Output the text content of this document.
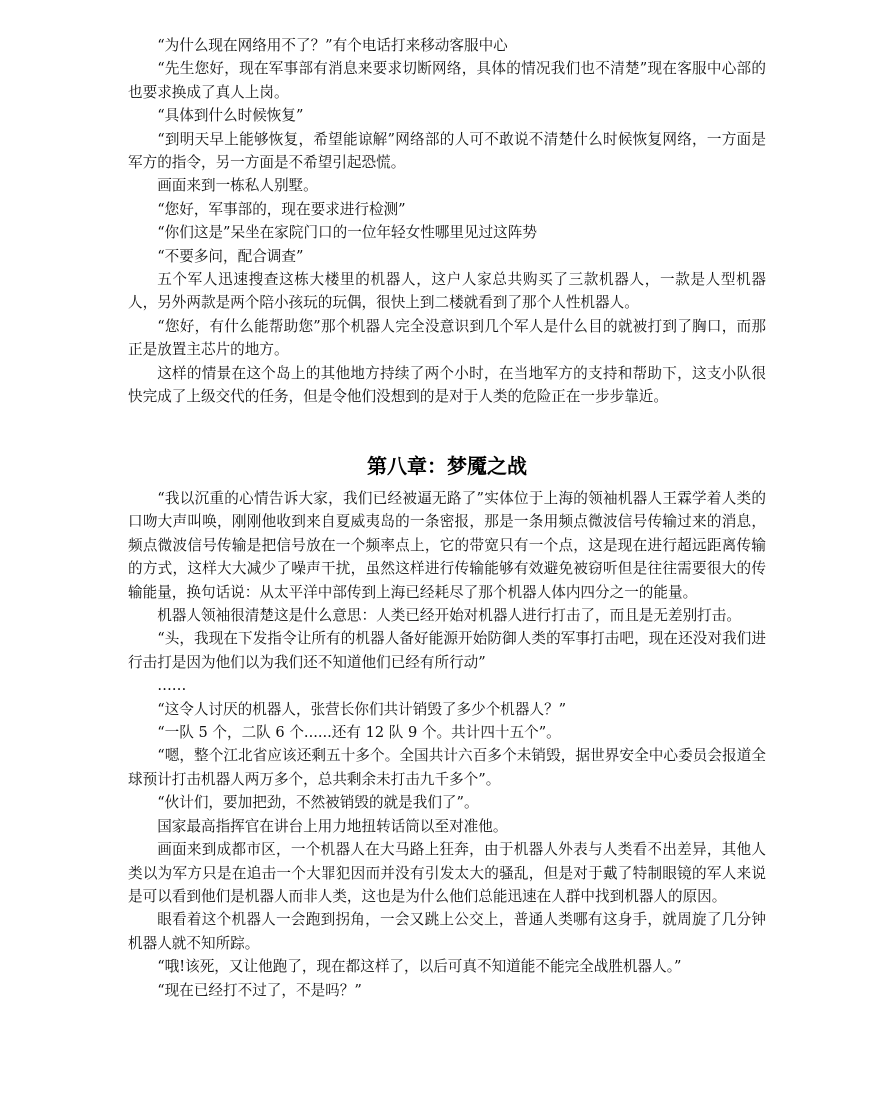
“为什么现在网络用不了？”有个电话打来移动客服中心

“先生您好，现在军事部有消息来要求切断网络，具体的情况我们也不清楚”现在客服中心部的也要求换成了真人上岗。

“具体到什么时候恢复”

“到明天早上能够恢复，希望能谅解”网络部的人可不敢说不清楚什么时候恢复网络，一方面是军方的指令，另一方面是不希望引起恐慌。

画面来到一栋私人别墅。

“您好，军事部的，现在要求进行检测”

“你们这是”呆坐在家院门口的一位年轻女性哪里见过这阵势

“不要多问，配合调查”

五个军人迅速搜查这栋大楼里的机器人，这户人家总共购买了三款机器人，一款是人型机器人，另外两款是两个陪小孩玩的玩偶，很快上到二楼就看到了那个人性机器人。

“您好，有什么能帮助您”那个机器人完全没意识到几个军人是什么目的就被打到了胸口，而那正是放置主芯片的地方。

这样的情景在这个岛上的其他地方持续了两个小时，在当地军方的支持和帮助下，这支小队很快完成了上级交代的任务，但是令他们没想到的是对于人类的危险正在一步步靠近。

第八章：梦魇之战

“我以沉重的心情告诉大家，我们已经被逼无路了”实体位于上海的领袖机器人王霖学着人类的口吻大声叫唤，刚刚他收到来自夏威夷岛的一条密报，那是一条用频点微波信号传输过来的消息，频点微波信号传输是把信号放在一个频率点上，它的带宽只有一个点，这是现在进行超远距离传输的方式，这样大大减少了噪声干扰，虽然这样进行传输能够有效避免被窃听但是往往需要很大的传输能量，换句话说：从太平洋中部传到上海已经耗尽了那个机器人体内四分之一的能量。

机器人领袖很清楚这是什么意思：人类已经开始对机器人进行打击了，而且是无差别打击。

“头，我现在下发指令让所有的机器人备好能源开始防御人类的军事打击吧，现在还没对我们进行击打是因为他们以为我们还不知道他们已经有所行动”

……

“这令人讨厌的机器人，张营长你们共计销毁了多少个机器人？”

“一队 5 个，二队 6 个......还有 12 队 9 个。共计四十五个”。

“嗯，整个江北省应该还剩五十多个。全国共计六百多个未销毁，据世界安全中心委员会报道全球预计打击机器人两万多个，总共剩余未打击九千多个”。

“伙计们，要加把劲，不然被销毁的就是我们了”。

国家最高指挥官在讲台上用力地扭转话筒以至对准他。

画面来到成都市区，一个机器人在大马路上狂奔，由于机器人外表与人类看不出差异，其他人类以为军方只是在追击一个大罪犯因而并没有引发太大的骚乱，但是对于戴了特制眼镜的军人来说是可以看到他们是机器人而非人类，这也是为什么他们总能迅速在人群中找到机器人的原因。

眼看着这个机器人一会跑到拐角，一会又跳上公交上，普通人类哪有这身手，就周旋了几分钟机器人就不知所踪。

“哦!该死，又让他跑了，现在都这样了，以后可真不知道能不能完全战胜机器人。”

“现在已经打不过了，不是吗？”
